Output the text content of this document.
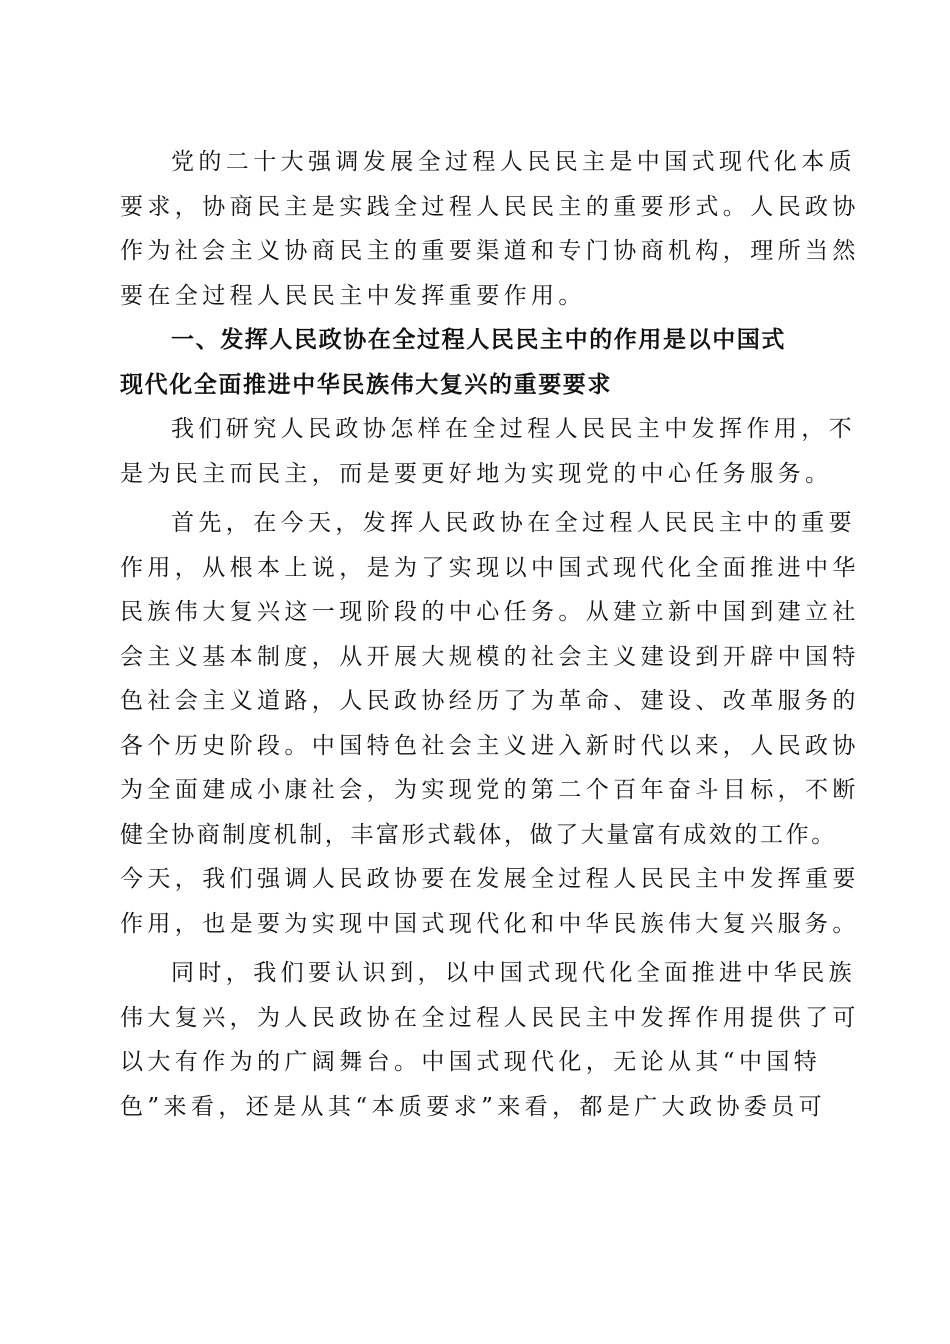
党的二十大强调发展全过程人民民主是中国式现代化本质
要求，协商民主是实践全过程人民民主的重要形式。人民政协
作为社会主义协商民主的重要渠道和专门协商机构，理所当然
要在全过程人民民主中发挥重要作用。
一、发挥人民政协在全过程人民民主中的作用是以中国式
现代化全面推进中华民族伟大复兴的重要要求
我们研究人民政协怎样在全过程人民民主中发挥作用，不
是为民主而民主，而是要更好地为实现党的中心任务服务。
首先，在今天，发挥人民政协在全过程人民民主中的重要
作用，从根本上说，是为了实现以中国式现代化全面推进中华
民族伟大复兴这一现阶段的中心任务。从建立新中国到建立社
会主义基本制度，从开展大规模的社会主义建设到开辟中国特
色社会主义道路，人民政协经历了为革命、建设、改革服务的
各个历史阶段。中国特色社会主义进入新时代以来，人民政协
为全面建成小康社会，为实现党的第二个百年奋斗目标，不断
健全协商制度机制，丰富形式载体，做了大量富有成效的工作。
今天，我们强调人民政协要在发展全过程人民民主中发挥重要
作用，也是要为实现中国式现代化和中华民族伟大复兴服务。
同时，我们要认识到，以中国式现代化全面推进中华民族
伟大复兴，为人民政协在全过程人民民主中发挥作用提供了可
以大有作为的广阔舞台。中国式现代化，无论从其“中国特
色”来看，还是从其“本质要求”来看，都是广大政协委员可
